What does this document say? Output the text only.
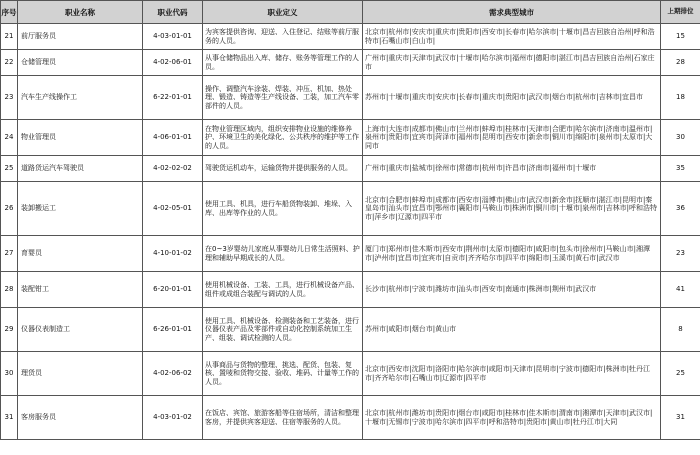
序号	职业名称	职业代码	职业定义	需求典型城市	上期排位
21	前厅服务员	4-03-01-01	为宾客提供咨询、迎送、入住登记、结账等前厅服务的人员。	北京市|杭州市|安庆市|重庆市|贵阳市|西安市|长春市|哈尔滨市|十堰市|昌吉回族自治州|呼和浩特市|石嘴山市|白山市|	15
22	仓储管理员	4-02-06-01	从事仓储物品出入库、储存、账务等管理工作的人员。	广州市|重庆市|天津市|武汉市|十堰市|哈尔滨市|福州市|德阳市|湛江市|昌吉回族自治州|石家庄市	28
23	汽车生产线操作工	6-22-01-01	操作、调整汽车涂装、焊装、冲压、机加、热处理、锻造、铸造等生产线设备、工装，加工汽车零部件的人员。	苏州市|十堰市|重庆市|安庆市|长春市|重庆市|贵阳市|武汉市|烟台市|杭州市|吉林市|宜昌市	18
24	物业管理员	4-06-01-01	在物业管理区域内，组织安排物业设施的维修养护、环境卫生的美化绿化、公共秩序的维护等工作的人员。	上海市|大连市|成都市|佛山市|兰州市|蚌埠市|桂林市|天津市|合肥市|哈尔滨市|济南市|温州市|泉州市|贵阳市|宜宾市|菏泽市|福州市|昆明市|西安市|新余市|铜川市|绵阳市|泉州市|太原市|大同市	30
25	道路货运汽车驾驶员	4-02-02-02	驾驶货运机动车，运输货物并提供服务的人员。	广州市|重庆市|盐城市|徐州市|常德市|杭州市|许昌市|济南市|福州市|十堰市	35
26	装卸搬运工	4-02-05-01	使用工具、机具，进行车船货物装卸、堆垛、入库、出库等作业的人员。	北京市|合肥市|蚌埠市|成都市|西安市|淄博市|佛山市|武汉市|新余市|抚顺市|湛江市|昆明市|秦皇岛市|汕头市|宜昌市|鄂州市|襄阳市|马鞍山市|株洲市|铜川市|十堰市|泉州市|吉林市|呼和浩特市|萍乡市|辽源市|四平市	36
27	育婴员	4-10-01-02	在0~3岁婴幼儿家庭从事婴幼儿日常生活照料、护理和辅助早期成长的人员。	厦门市|郑州市|佳木斯市|西安市|荆州市|太原市|德阳市|咸阳市|包头市|徐州市|马鞍山市|湘潭市|泸州市|宜昌市|宜宾市|自贡市|齐齐哈尔市|四平市|绵阳市|玉溪市|黄石市|武汉市	23
28	装配钳工	6-20-01-01	使用机械设备、工装、工具，进行机械设备产品、组件或成组合装配与调试的人员。	长沙市|杭州市|宁波市|潍坊市|汕头市|西安市|南通市|株洲市|荆州市|武汉市	41
29	仪器仪表制造工	6-26-01-01	使用工具、机械设备、检测装备和工艺装备，进行仪器仪表产品及零部件或自动化控制系统加工生产、组装、调试检测的人员。	苏州市|咸阳市|烟台市|黄山市	8
30	理货员	4-02-06-02	从事商品与货物的整理、挑选、配货、包装、复核、置唛和货物交接、验收、堆码、计量等工作的人员。	北京市|西安市|沈阳市|洛阳市|哈尔滨市|咸阳市|天津市|昆明市|宁波市|德阳市|株洲市|牡丹江市|齐齐哈尔市|石嘴山市|辽源市|四平市	25
31	客房服务员	4-03-01-02	在饭店、宾馆、旅游客船等住宿场所，清洁和整理客房，并提供宾客迎送、住宿等服务的人员。	北京市|杭州市|潍坊市|贵阳市|烟台市|咸阳市|桂林市|佳木斯市|渭南市|湘潭市|天津市|武汉市|十堰市|无锡市|宁波市|哈尔滨市|四平市|呼和浩特市|贵阳市|黄山市|牡丹江市|大同	31
